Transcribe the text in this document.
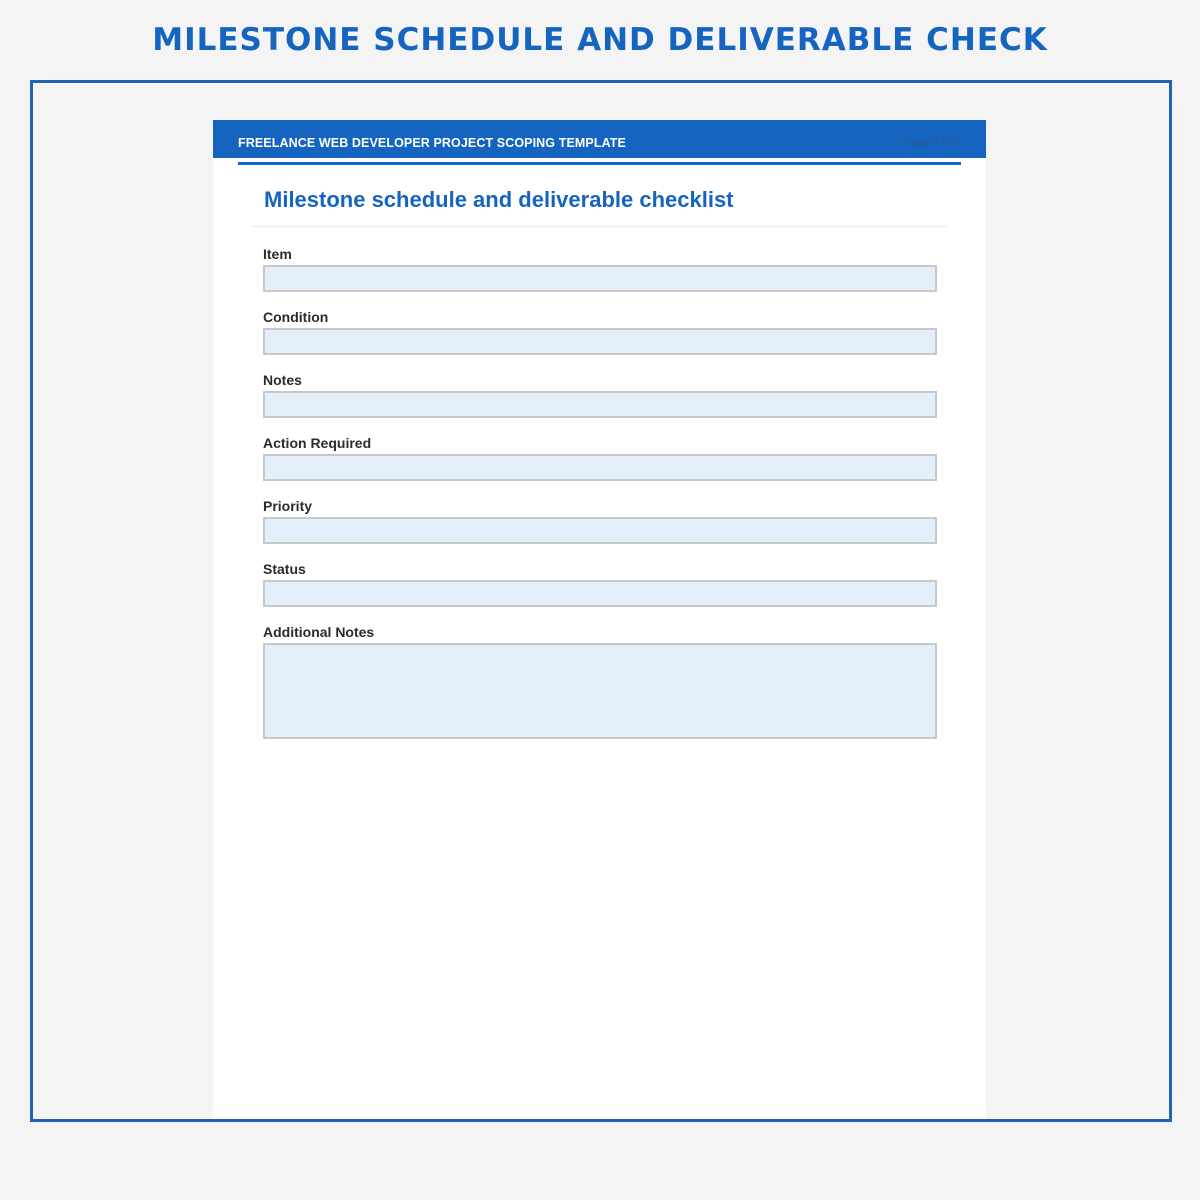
MILESTONE SCHEDULE AND DELIVERABLE CHECK
FREELANCE WEB DEVELOPER PROJECT SCOPING TEMPLATE	Page 4 of 5
Milestone schedule and deliverable checklist
Item
Condition
Notes
Action Required
Priority
Status
Additional Notes
